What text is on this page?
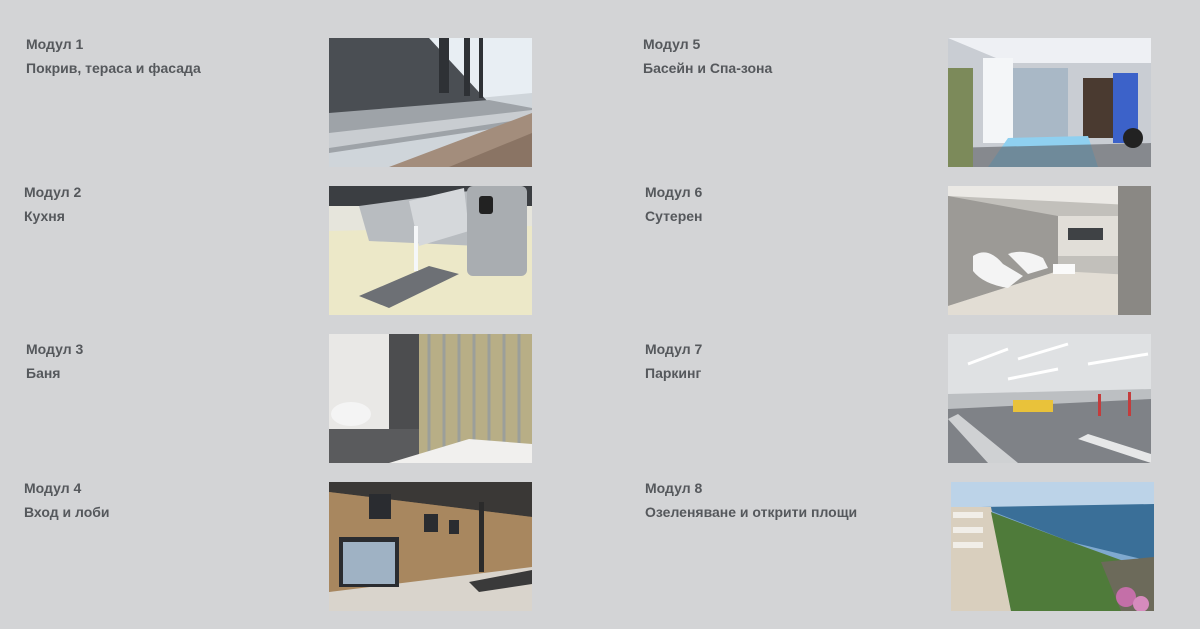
Модул 1
Покрив, тераса и фасада
Модул 2
Кухня
Модул 3
Баня
Модул 4
Вход и лоби
Модул 5
Басейн и Спа-зона
Модул 6
Сутерен
Модул 7
Паркинг
Модул 8
Озеленяване и открити площи
